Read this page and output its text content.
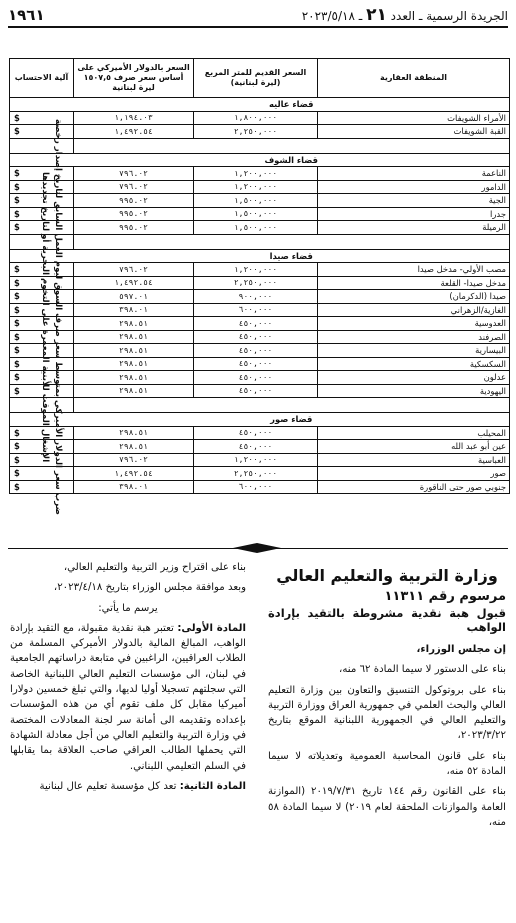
الجريدة الرسمية ـ العدد ٢١ ـ ٢٠٢٣/٥/١٨
١٩٦١
المنطقة العقارية	السعر القديم للمتر المربع (ليرة لبنانية)	السعر بالدولار الأميركي على أساس سعر صرف ١٥٠٧,٥ ليرة لبنانية	آلية الاحتساب
قضاء عاليه			
الأمراء الشويفات	١,٨٠٠,٠٠٠	١,١٩٤.٠٣	$
القبة الشويفات	٢,٢٥٠,٠٠٠	١,٤٩٢.٥٤	$

قضاء الشوف			
الناعمة	١,٢٠٠,٠٠٠	٧٩٦.٠٢	$
الدامور	١,٢٠٠,٠٠٠	٧٩٦.٠٢	$
الجية	١,٥٠٠,٠٠٠	٩٩٥.٠٢	$
جدرا	١,٥٠٠,٠٠٠	٩٩٥.٠٢	$
الرميلة	١,٥٠٠,٠٠٠	٩٩٥.٠٢	$

قضاء صيدا			
مصب الأولي- مدخل صيدا	١,٢٠٠,٠٠٠	٧٩٦.٠٢	$
مدخل صيدا- القلعة	٢,٢٥٠,٠٠٠	١,٤٩٢.٥٤	$
صيدا (الدكرمان)	٩٠٠,٠٠٠	٥٩٧.٠١	$
الغازية/الزهراني	٦٠٠,٠٠٠	٣٩٨.٠١	$
العدوسية	٤٥٠,٠٠٠	٢٩٨.٥١	$
الصرفند	٤٥٠,٠٠٠	٢٩٨.٥١	$
البيسارية	٤٥٠,٠٠٠	٢٩٨.٥١	$
السكسكية	٤٥٠,٠٠٠	٢٩٨.٥١	$
عدلون	٤٥٠,٠٠٠	٢٩٨.٥١	$
اليهودية	٤٥٠,٠٠٠	٢٩٨.٥١	$

قضاء صور			
المحيلب	٤٥٠,٠٠٠	٢٩٨.٥١	$
عين أبو عبد الله	٤٥٠,٠٠٠	٢٩٨.٥١	$
العباسية	١,٢٠٠,٠٠٠	٧٩٦.٠٢	$
صور	٢,٢٥٠,٠٠٠	١,٤٩٢.٥٤	$
جنوبي صور حتى الناقورة	٦٠٠,٠٠٠	٣٩٨.٠١	$	ضرب سعر الدولار الأميركي بمتوسط سعر صرف السوق ليوم العمل السابق لتاريخ إصدار رخصة الإشغال الموقت للأبنية المعمرة على التخوم البحرية أو لتاريخ تجديدها
وزارة التربية والتعليم العالي
مرسوم رقم ١١٣١١
قبول هبة نقدية مشروطة بالتقيد بإرادة الواهب

إن مجلس الوزراء،

بناء على الدستور لا سيما المادة ٦٢ منه،

بناء على بروتوكول التنسيق والتعاون بين وزارة التعليم العالي والبحث العلمي في جمهورية العراق ووزارة التربية والتعليم العالي في الجمهورية اللبنانية الموقع بتاريخ ٢٠٢٣/٣/٢٢،

بناء على قانون المحاسبة العمومية وتعديلاته لا سيما المادة ٥٢ منه،

بناء على القانون رقم ١٤٤ تاريخ ٢٠١٩/٧/٣١ (الموازنة العامة والموازنات الملحقة لعام ٢٠١٩) لا سيما المادة ٥٨ منه،

بناء على اقتراح وزير التربية والتعليم العالي،

وبعد موافقة مجلس الوزراء بتاريخ ٢٠٢٣/٤/١٨،

يرسم ما يأتي:

المادة الأولى: تعتبر هبة نقدية مقبولة، مع التقيد بإرادة الواهب، المبالغ المالية بالدولار الأميركي المسلمة من الطلاب العراقيين، الراغبين في متابعة دراساتهم الجامعية في لبنان، الى مؤسسات التعليم العالي اللبنانية الخاصة التي سجلتهم تسجيلا أوليا لديها، والتي تبلغ خمسين دولارا أميركيا مقابل كل ملف تقوم أي من هذه المؤسسات بإعداده وتقديمه الى أمانة سر لجنة المعادلات المختصة في وزارة التربية والتعليم العالي من أجل معادلة الشهادة التي يحملها الطالب العراقي صاحب العلاقة بما يقابلها في السلم التعليمي اللبناني.

المادة الثانية: تعد كل مؤسسة تعليم عال لبنانية
